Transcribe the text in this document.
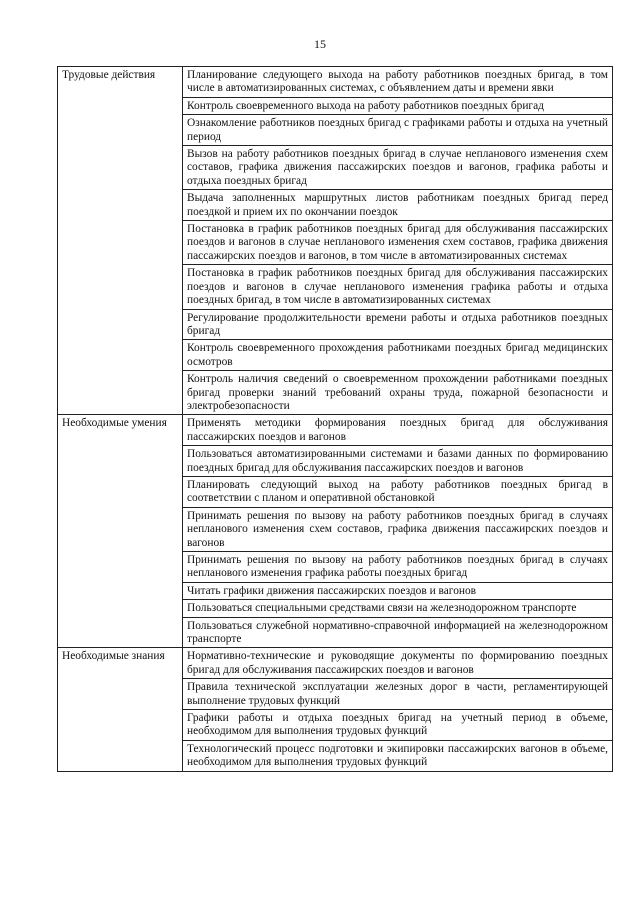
15
Трудовые действия	Планирование следующего выхода на работу работников поездных бригад, в том числе в автоматизированных системах, с объявлением даты и времени явки
	Контроль своевременного выхода на работу работников поездных бригад
	Ознакомление работников поездных бригад с графиками работы и отдыха на учетный период
	Вызов на работу работников поездных бригад в случае непланового изменения схем составов, графика движения пассажирских поездов и вагонов, графика работы и отдыха поездных бригад
	Выдача заполненных маршрутных листов работникам поездных бригад перед поездкой и прием их по окончании поездок
	Постановка в график работников поездных бригад для обслуживания пассажирских поездов и вагонов в случае непланового изменения схем составов, графика движения пассажирских поездов и вагонов, в том числе в автоматизированных системах
	Постановка в график работников поездных бригад для обслуживания пассажирских поездов и вагонов в случае непланового изменения графика работы и отдыха поездных бригад, в том числе в автоматизированных системах
	Регулирование продолжительности времени работы и отдыха работников поездных бригад
	Контроль своевременного прохождения работниками поездных бригад медицинских осмотров
	Контроль наличия сведений о своевременном прохождении работниками поездных бригад проверки знаний требований охраны труда, пожарной безопасности и электробезопасности
Необходимые умения	Применять методики формирования поездных бригад для обслуживания пассажирских поездов и вагонов
	Пользоваться автоматизированными системами и базами данных по формированию поездных бригад для обслуживания пассажирских поездов и вагонов
	Планировать следующий выход на работу работников поездных бригад в соответствии с планом и оперативной обстановкой
	Принимать решения по вызову на работу работников поездных бригад в случаях непланового изменения схем составов, графика движения пассажирских поездов и вагонов
	Принимать решения по вызову на работу работников поездных бригад в случаях непланового изменения графика работы поездных бригад
	Читать графики движения пассажирских поездов и вагонов
	Пользоваться специальными средствами связи на железнодорожном транспорте
	Пользоваться служебной нормативно-справочной информацией на железнодорожном транспорте
Необходимые знания	Нормативно-технические и руководящие документы по формированию поездных бригад для обслуживания пассажирских поездов и вагонов
	Правила технической эксплуатации железных дорог в части, регламентирующей выполнение трудовых функций
	Графики работы и отдыха поездных бригад на учетный период в объеме, необходимом для выполнения трудовых функций
	Технологический процесс подготовки и экипировки пассажирских вагонов в объеме, необходимом для выполнения трудовых функций
